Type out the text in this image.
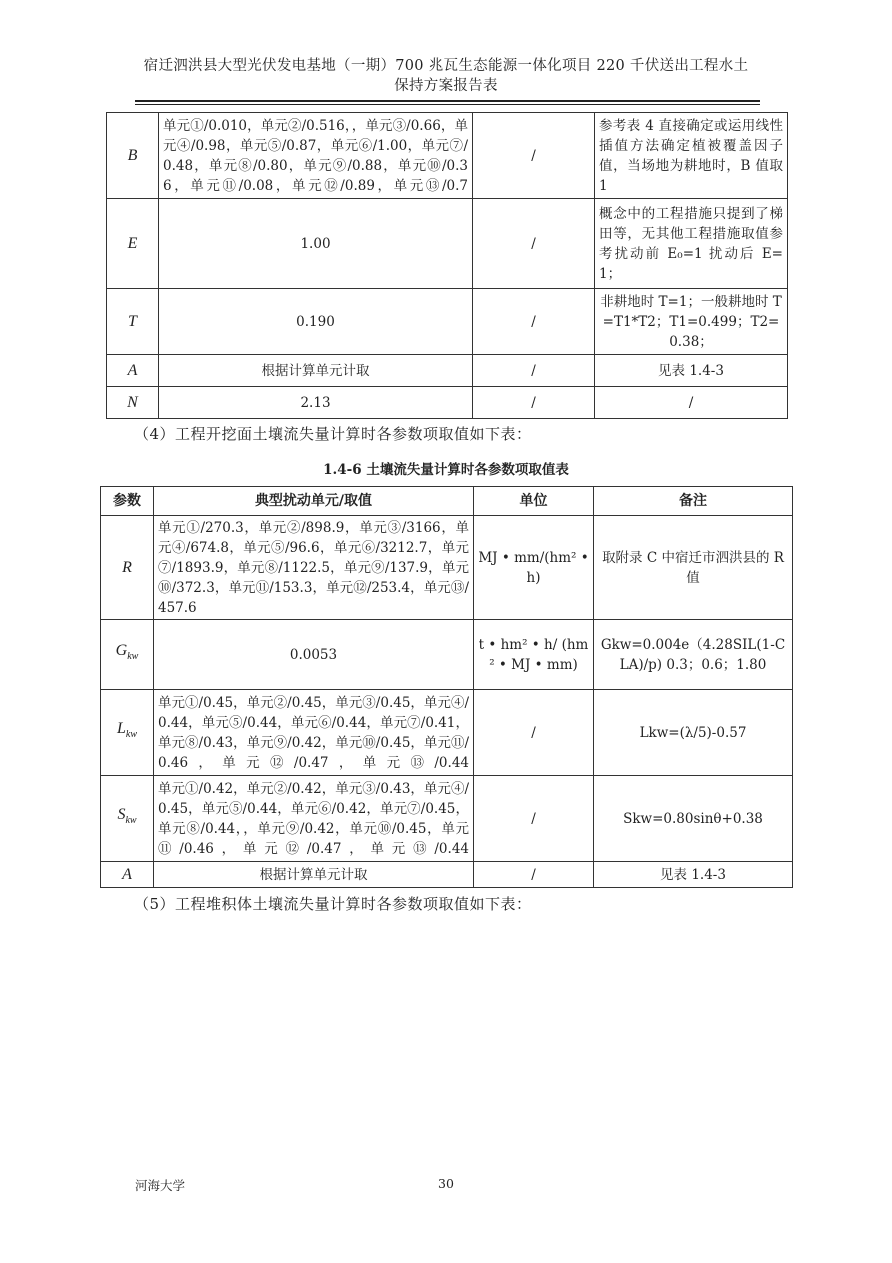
宿迁泗洪县大型光伏发电基地（一期）700 兆瓦生态能源一体化项目 220 千伏送出工程水土
保持方案报告表
B	单元①/0.010，单元②/0.516，，单元③/0.66，单元④/0.98，单元⑤/0.87，单元⑥/1.00，单元⑦/0.48，单元⑧/0.80，单元⑨/0.88，单元⑩/0.36，单元⑪/0.08，单元⑫/0.89，单元⑬/0.7	/	参考表 4 直接确定或运用线性插值方法确定植被覆盖因子值，当场地为耕地时，B 值取 1
E	1.00	/	概念中的工程措施只提到了梯田等，无其他工程措施取值参考扰动前 E₀=1 扰动后 E=1；
T	0.190	/	非耕地时 T=1；一般耕地时 T=T1*T2；T1=0.499；T2=0.38；
A	根据计算单元计取	/	见表 1.4-3
N	2.13	/	/
（4）工程开挖面土壤流失量计算时各参数项取值如下表：
1.4-6 土壤流失量计算时各参数项取值表
参数	典型扰动单元/取值	单位	备注
R	单元①/270.3，单元②/898.9，单元③/3166，单元④/674.8，单元⑤/96.6，单元⑥/3212.7，单元⑦/1893.9，单元⑧/1122.5，单元⑨/137.9，单元⑩/372.3，单元⑪/153.3，单元⑫/253.4，单元⑬/457.6	MJ • mm/(hm² • h)	取附录 C 中宿迁市泗洪县的 R 值
$G_{kw}$	0.0053	t • hm² • h/ (hm² • MJ • mm)	Gkw=0.004e（4.28SIL(1-CLA)/p) 0.3；0.6；1.80
$L_{kw}$	单元①/0.45，单元②/0.45，单元③/0.45，单元④/0.44，单元⑤/0.44，单元⑥/0.44，单元⑦/0.41，单元⑧/0.43，单元⑨/0.42，单元⑩/0.45，单元⑪/0.46，单元⑫/0.47，单元⑬/0.44	/	Lkw=(λ/5)-0.57
$S_{kw}$	单元①/0.42，单元②/0.42，单元③/0.43，单元④/0.45，单元⑤/0.44，单元⑥/0.42，单元⑦/0.45，单元⑧/0.44，，单元⑨/0.42，单元⑩/0.45，单元⑪/0.46，单元⑫/0.47，单元⑬/0.44	/	Skw=0.80sinθ+0.38
A	根据计算单元计取	/	见表 1.4-3
（5）工程堆积体土壤流失量计算时各参数项取值如下表：
河海大学	30
